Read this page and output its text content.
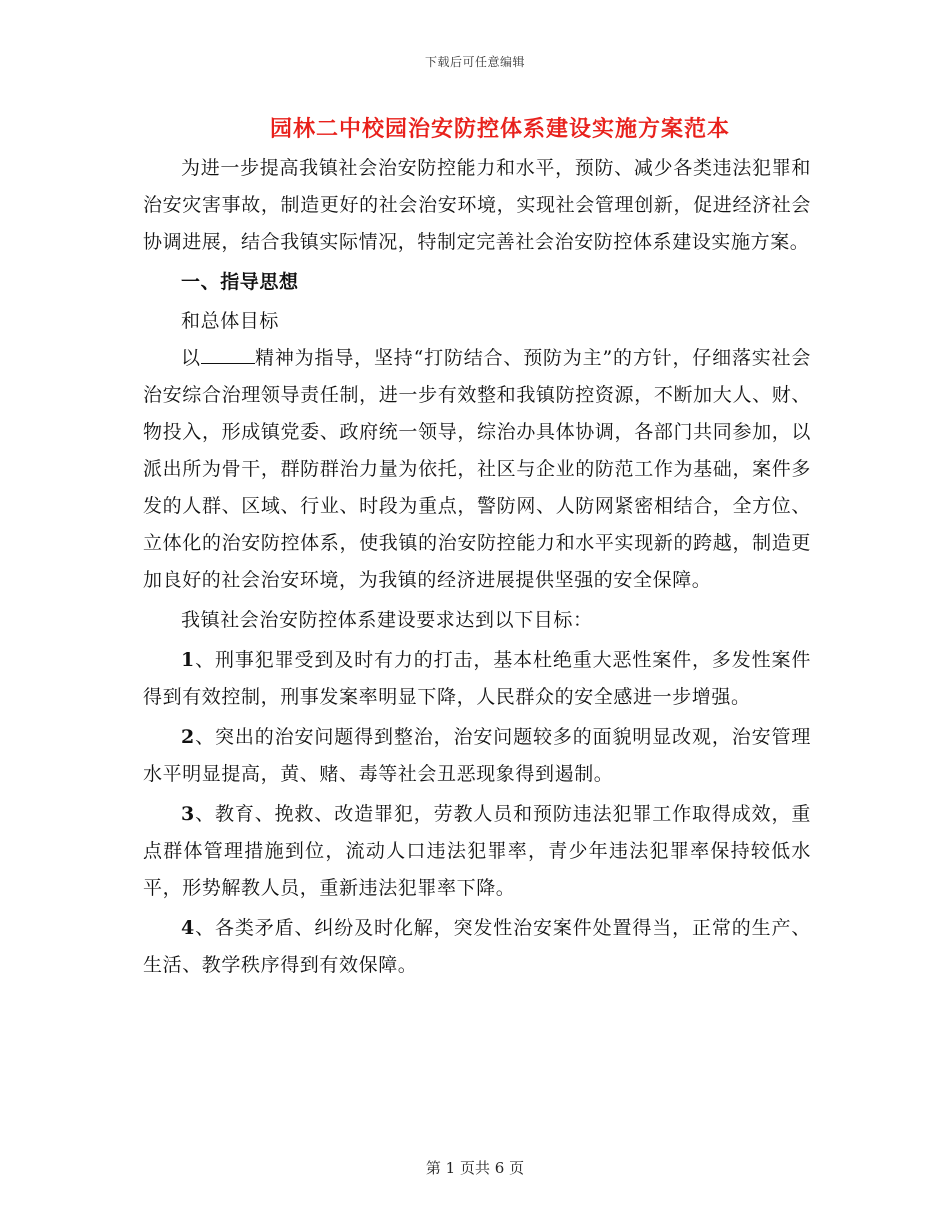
下载后可任意编辑
园林二中校园治安防控体系建设实施方案范本

为进一步提高我镇社会治安防控能力和水平，预防、减少各类违法犯罪和治安灾害事故，制造更好的社会治安环境，实现社会管理创新，促进经济社会协调进展，结合我镇实际情况，特制定完善社会治安防控体系建设实施方案。

一、指导思想

和总体目标

以	精神为指导，坚持“打防结合、预防为主”的方针，仔细落实社会治安综合治理领导责任制，进一步有效整和我镇防控资源，不断加大人、财、物投入，形成镇党委、政府统一领导，综治办具体协调，各部门共同参加，以派出所为骨干，群防群治力量为依托，社区与企业的防范工作为基础，案件多发的人群、区域、行业、时段为重点，警防网、人防网紧密相结合，全方位、立体化的治安防控体系，使我镇的治安防控能力和水平实现新的跨越，制造更加良好的社会治安环境，为我镇的经济进展提供坚强的安全保障。

我镇社会治安防控体系建设要求达到以下目标：

1、刑事犯罪受到及时有力的打击，基本杜绝重大恶性案件，多发性案件得到有效控制，刑事发案率明显下降，人民群众的安全感进一步增强。

2、突出的治安问题得到整治，治安问题较多的面貌明显改观，治安管理水平明显提高，黄、赌、毒等社会丑恶现象得到遏制。

3、教育、挽救、改造罪犯，劳教人员和预防违法犯罪工作取得成效，重点群体管理措施到位，流动人口违法犯罪率，青少年违法犯罪率保持较低水平，形势解教人员，重新违法犯罪率下降。

4、各类矛盾、纠纷及时化解，突发性治安案件处置得当，正常的生产、生活、教学秩序得到有效保障。

第 1 页共 6 页
